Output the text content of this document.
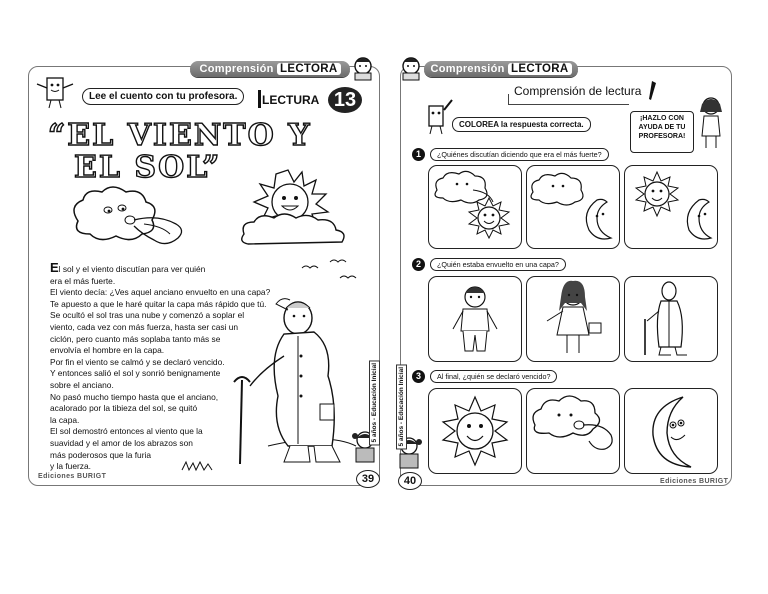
Comprensión LECTORA
Lee el cuento con tu profesora.	LECTURA 13
“EL VIENTO Y
EL SOL”

El sol y el viento discutían para ver quién

era el más fuerte.

El viento decía: ¿Ves aquel anciano envuelto en una capa?

Te apuesto a que le haré quitar la capa más rápido que tú.

Se ocultó el sol tras una nube y comenzó a soplar el

viento, cada vez con más fuerza, hasta ser casi un

ciclón, pero cuanto más soplaba tanto más se

envolvía el hombre en la capa.

Por fin el viento se calmó y se declaró vencido.

Y entonces salió el sol y sonrió benignamente

sobre el anciano.

No pasó mucho tiempo hasta que el anciano,

acalorado por la tibieza del sol, se quitó

la capa.

El sol demostró entonces al viento que la

suavidad y el amor de los abrazos son

más poderosos que la furia

y la fuerza.

5 años - Educación Inicial
39
Ediciones BURIGT
Comprensión LECTORA
Comprensión de lectura
COLOREA la respuesta correcta.
¡HAZLO CON AYUDA DE TU PROFESORA!
1	¿Quiénes discutían diciendo que era el más fuerte?
2	¿Quién estaba envuelto en una capa?
3	Al final, ¿quién se declaró vencido?
5 años - Educación Inicial
40	Ediciones BURIGT
